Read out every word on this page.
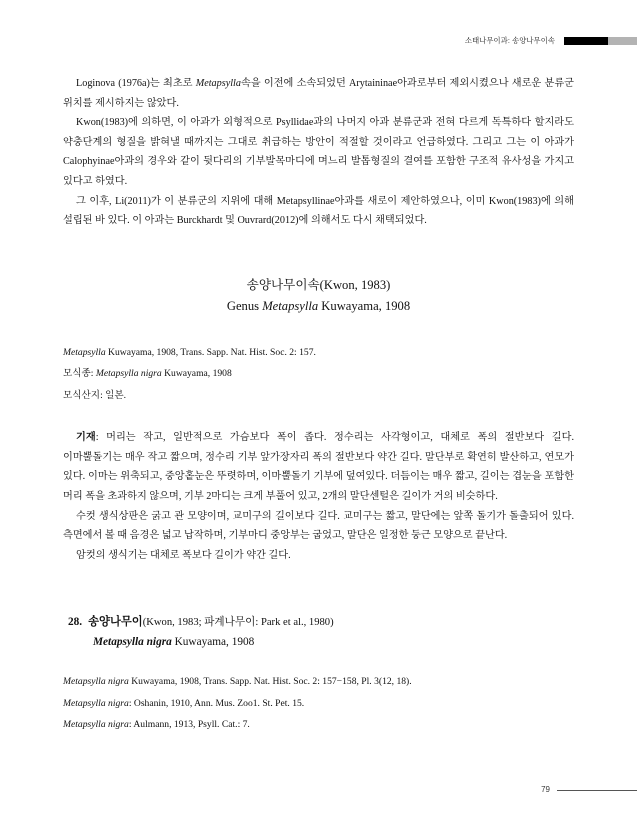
소태나무이과: 송양나무이속

Loginova (1976a)는 최초로 Metapsylla속을 이전에 소속되었던 Arytaininae아과로부터 제외시켰으나 새로운 분류군 위치를 제시하지는 않았다.

Kwon(1983)에 의하면, 이 아과가 외형적으로 Psyllidae과의 나머지 아과 분류군과 전혀 다르게 독특하다 할지라도 약충단계의 형질을 밝혀낼 때까지는 그대로 취급하는 방안이 적절할 것이라고 언급하였다. 그리고 그는 이 아과가 Calophyinae아과의 경우와 같이 뒷다리의 기부발목마디에 며느리 발톱형질의 결여를 포함한 구조적 유사성을 가지고 있다고 하였다.

그 이후, Li(2011)가 이 분류군의 지위에 대해 Metapsyllinae아과를 새로이 제안하였으나, 이미 Kwon(1983)에 의해 설립된 바 있다. 이 아과는 Burckhardt 및 Ouvrard(2012)에 의해서도 다시 채택되었다.

송양나무이속(Kwon, 1983)
Genus Metapsylla Kuwayama, 1908
Metapsylla Kuwayama, 1908, Trans. Sapp. Nat. Hist. Soc. 2: 157.
모식종: Metapsylla nigra Kuwayama, 1908
모식산지: 일본.

기재: 머리는 작고, 일반적으로 가슴보다 폭이 좁다. 정수리는 사각형이고, 대체로 폭의 절반보다 길다. 이마뿔돌기는 매우 작고 짧으며, 정수리 기부 앞가장자리 폭의 절반보다 약간 길다. 말단부로 확연히 발산하고, 연모가 있다. 이마는 위축되고, 중앙홑눈은 뚜렷하며, 이마뿔돌기 기부에 덮여있다. 더듬이는 매우 짧고, 길이는 겹눈을 포함한 머리 폭을 초과하지 않으며, 기부 2마디는 크게 부풀어 있고, 2개의 말단센털은 길이가 거의 비슷하다.

수컷 생식상판은 굵고 관 모양이며, 교미구의 길이보다 길다. 교미구는 짧고, 말단에는 앞쪽 돌기가 돌출되어 있다. 측면에서 볼 때 음경은 넓고 납작하며, 기부마디 중앙부는 굽었고, 말단은 일정한 둥근 모양으로 끝난다.

암컷의 생식기는 대체로 폭보다 길이가 약간 길다.

28. 송양나무이(Kwon, 1983; 파계나무이: Park et al., 1980)
Metapsylla nigra Kuwayama, 1908
Metapsylla nigra Kuwayama, 1908, Trans. Sapp. Nat. Hist. Soc. 2: 157−158, Pl. 3(12, 18).
Metapsylla nigra: Oshanin, 1910, Ann. Mus. Zoo1. St. Pet. 15.
Metapsylla nigra: Aulmann, 1913, Psyll. Cat.: 7.
79
